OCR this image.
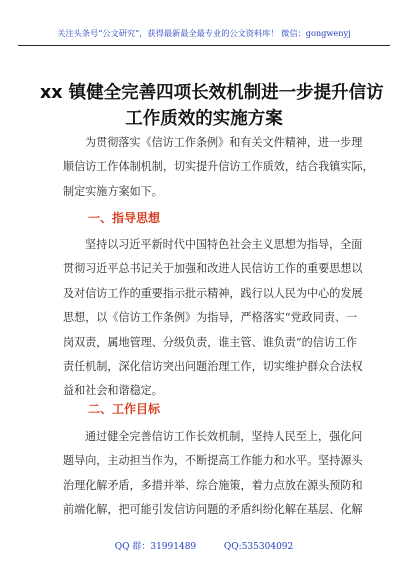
关注头条号“公文研究”，获得最新最全最专业的公文资料库！ 微信：gongwenyj
xx 镇健全完善四项长效机制进一步提升信访
工作质效的实施方案
为贯彻落实《信访工作条例》和有关文件精神，进一步理
顺信访工作体制机制，切实提升信访工作质效，结合我镇实际，
制定实施方案如下。
一、指导思想
坚持以习近平新时代中国特色社会主义思想为指导，全面
贯彻习近平总书记关于加强和改进人民信访工作的重要思想以
及对信访工作的重要指示批示精神，践行以人民为中心的发展
思想，以《信访工作条例》为指导，严格落实“党政同责、一
岗双责，属地管理、分级负责，谁主管、谁负责”的信访工作
责任机制，深化信访突出问题治理工作，切实维护群众合法权
益和社会和谐稳定。
二、工作目标
通过健全完善信访工作长效机制，坚持人民至上，强化问
题导向，主动担当作为，不断提高工作能力和水平。坚持源头
治理化解矛盾，多措并举、综合施策，着力点放在源头预防和
前端化解，把可能引发信访问题的矛盾纠纷化解在基层、化解
QQ 群：31991489	QQ:535304092
